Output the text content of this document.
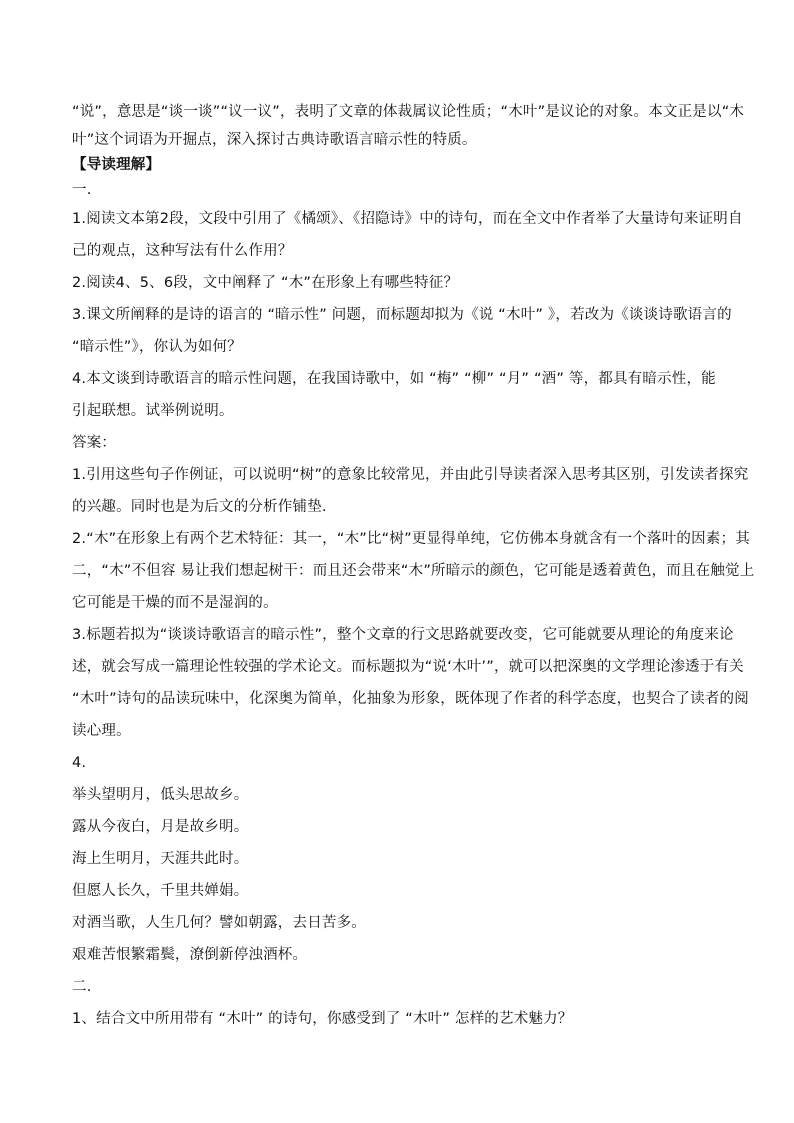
“说”，意思是“谈一谈”“议一议”，表明了文章的体裁属议论性质；“木叶”是议论的对象。本文正是以“木
叶”这个词语为开掘点，深入探讨古典诗歌语言暗示性的特质。
【导读理解】
一.
1.阅读文本第2段，文段中引用了《橘颂》、《招隐诗》中的诗句，而在全文中作者举了大量诗句来证明自
己的观点，这种写法有什么作用？
2.阅读4、5、6段，文中阐释了 “木”在形象上有哪些特征？
3.课文所阐释的是诗的语言的 “暗示性” 问题，而标题却拟为《说 “木叶” 》，若改为《谈谈诗歌语言的
“暗示性”》，你认为如何？
4.本文谈到诗歌语言的暗示性问题，在我国诗歌中，如 “梅” “柳” “月” “酒” 等，都具有暗示性，能
引起联想。试举例说明。
答案：
1.引用这些句子作例证，可以说明“树”的意象比较常见，并由此引导读者深入思考其区别，引发读者探究
的兴趣。同时也是为后文的分析作铺垫.
2.“木”在形象上有两个艺术特征：其一，“木”比“树”更显得单纯，它仿佛本身就含有一个落叶的因素；其
二，“木”不但容 易让我们想起树干：而且还会带来“木”所暗示的颜色，它可能是透着黄色，而且在触觉上
它可能是干燥的而不是湿润的。
3.标题若拟为“谈谈诗歌语言的暗示性”，整个文章的行文思路就要改变，它可能就要从理论的角度来论
述，就会写成一篇理论性较强的学术论文。而标题拟为“说‘木叶’”，就可以把深奥的文学理论渗透于有关
“木叶”诗句的品读玩味中，化深奥为简单，化抽象为形象，既体现了作者的科学态度，也契合了读者的阅
读心理。
4.
举头望明月，低头思故乡。
露从今夜白，月是故乡明。
海上生明月，天涯共此时。
但愿人长久，千里共婵娟。
对酒当歌，人生几何？譬如朝露，去日苦多。
艰难苦恨繁霜鬓，潦倒新停浊酒杯。
二.
1、结合文中所用带有 “木叶” 的诗句，你感受到了 “木叶” 怎样的艺术魅力？
